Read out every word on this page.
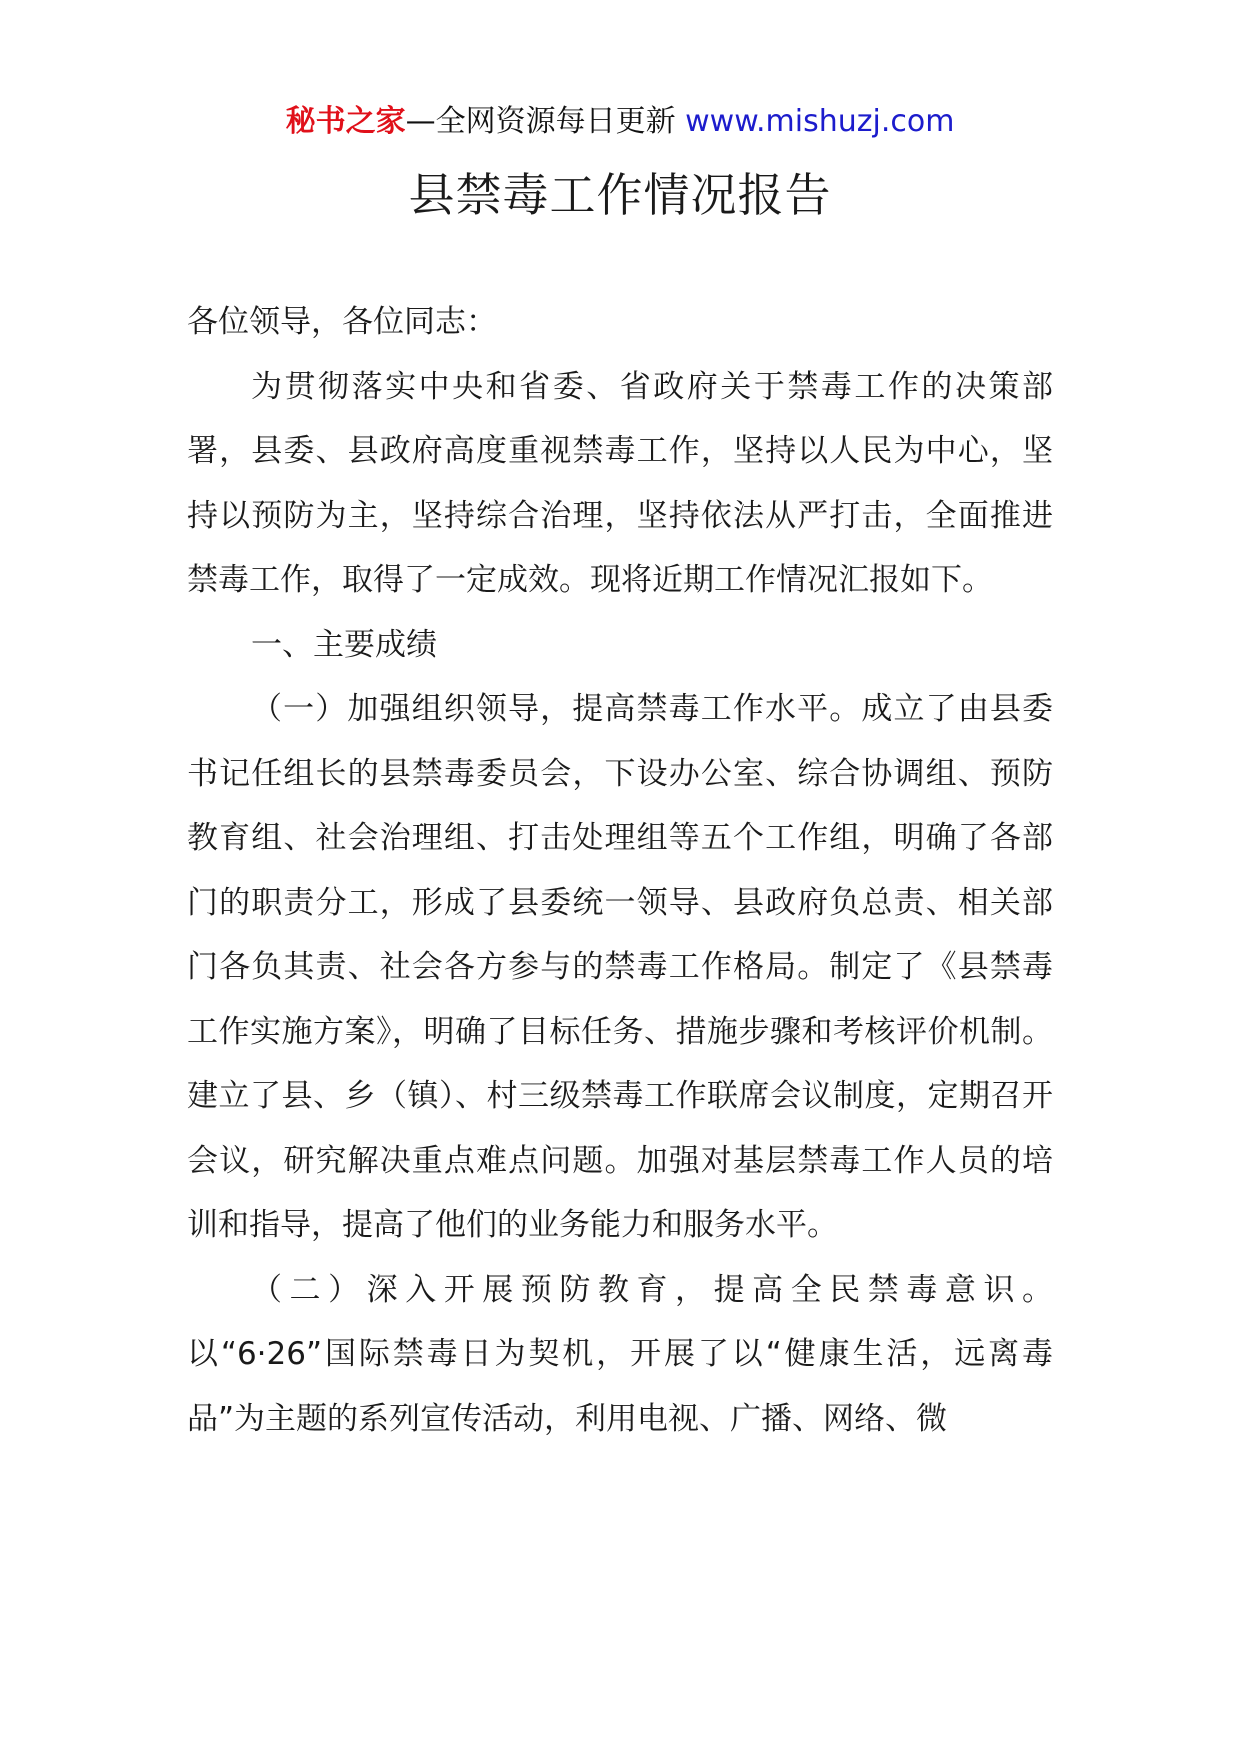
秘书之家—全网资源每日更新 www.mishuzj.com
县禁毒工作情况报告

各位领导，各位同志：

为贯彻落实中央和省委、省政府关于禁毒工作的决策部署，县委、县政府高度重视禁毒工作，坚持以人民为中心，坚持以预防为主，坚持综合治理，坚持依法从严打击，全面推进禁毒工作，取得了一定成效。现将近期工作情况汇报如下。

一、主要成绩

（一）加强组织领导，提高禁毒工作水平。成立了由县委书记任组长的县禁毒委员会，下设办公室、综合协调组、预防教育组、社会治理组、打击处理组等五个工作组，明确了各部门的职责分工，形成了县委统一领导、县政府负总责、相关部门各负其责、社会各方参与的禁毒工作格局。制定了《县禁毒工作实施方案》，明确了目标任务、措施步骤和考核评价机制。建立了县、乡（镇）、村三级禁毒工作联席会议制度，定期召开会议，研究解决重点难点问题。加强对基层禁毒工作人员的培训和指导，提高了他们的业务能力和服务水平。

（二）深入开展预防教育，提高全民禁毒意识。以“6·26”国际禁毒日为契机，开展了以“健康生活，远离毒品”为主题的系列宣传活动，利用电视、广播、网络、微
